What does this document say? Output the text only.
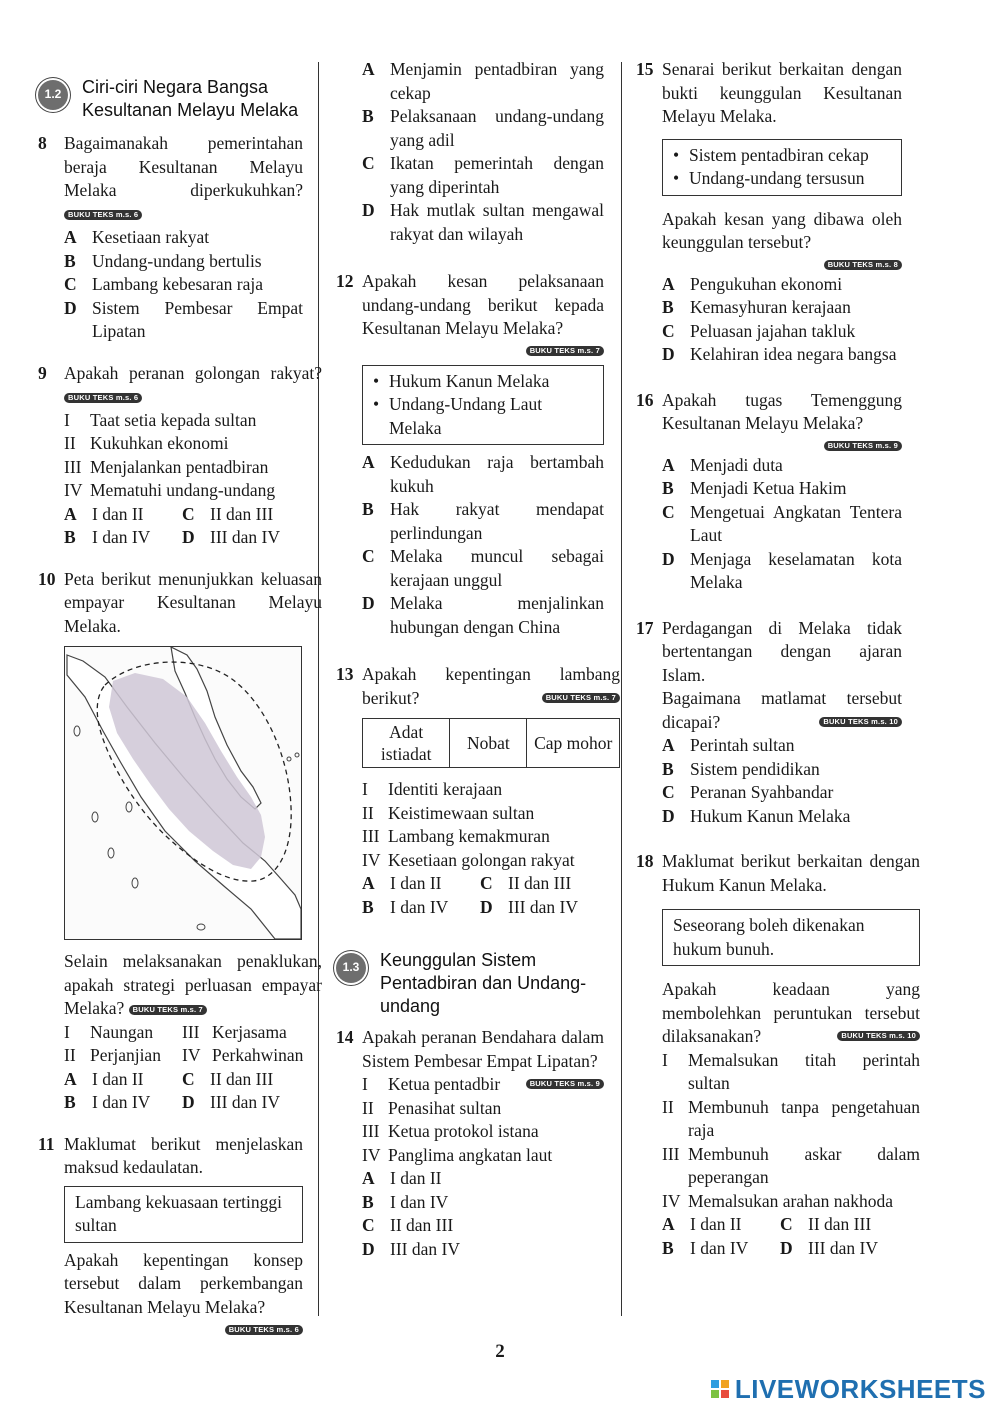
1.2	Ciri-ciri Negara Bangsa Kesultanan Melayu Melaka
8 Bagaimanakah pemerintahan beraja Kesultanan Melayu Melaka diperkukuhkan? BUKU TEKS m.s. 6
A Kesetiaan rakyat
B Undang-undang bertulis
C Lambang kebesaran raja
D Sistem Pembesar Empat Lipatan
9 Apakah peranan golongan rakyat? BUKU TEKS m.s. 6
I	Taat setia kepada sultan
II Kukuhkan ekonomi
III Menjalankan pentadbiran
IV Mematuhi undang-undang
A I dan II C II dan III
B I dan IV D III dan IV
10 Peta berikut menunjukkan keluasan empayar Kesultanan Melayu Melaka.
Selain melaksanakan penaklukan, apakah strategi perluasan empayar Melaka? BUKU TEKS m.s. 7
I	Naungan III Kerjasama
II Perjanjian IV Perkahwinan
A I dan II C II dan III
B I dan IV D III dan IV
11 Maklumat berikut menjelaskan maksud kedaulatan.
Lambang kekuasaan tertinggi sultan
Apakah kepentingan konsep tersebut dalam perkembangan Kesultanan Melayu Melaka?
BUKU TEKS m.s. 6
A Menjamin pentadbiran yang cekap
B Pelaksanaan undang-undang yang adil
C Ikatan pemerintah dengan yang diperintah
D Hak mutlak sultan mengawal rakyat dan wilayah
12 Apakah kesan pelaksanaan undang-undang berikut kepada Kesultanan Melayu Melaka?
BUKU TEKS m.s. 7
• Hukum Kanun Melaka
• Undang-Undang Laut Melaka
A Kedudukan raja bertambah kukuh
B Hak rakyat mendapat perlindungan
C Melaka muncul sebagai kerajaan unggul
D Melaka menjalinkan hubungan dengan China
13 Apakah kepentingan lambang berikut?	BUKU TEKS m.s. 7
Adat istiadat	Nobat	Cap mohor
I	Identiti kerajaan
II Keistimewaan sultan
III Lambang kemakmuran
IV Kesetiaan golongan rakyat
A I dan II C II dan III
B I dan IV D III dan IV
1.3	Keunggulan Sistem Pentadbiran dan Undang-undang
14 Apakah peranan Bendahara dalam Sistem Pembesar Empat Lipatan?
BUKU TEKS m.s. 9
I	Ketua pentadbir
II Penasihat sultan
III Ketua protokol istana
IV Panglima angkatan laut
A I dan II
B I dan IV
C II dan III
D III dan IV
15 Senarai berikut berkaitan dengan bukti keunggulan Kesultanan Melayu Melaka.
• Sistem pentadbiran cekap
• Undang-undang tersusun
Apakah kesan yang dibawa oleh keunggulan tersebut?
BUKU TEKS m.s. 8
A Pengukuhan ekonomi
B Kemasyhuran kerajaan
C Peluasan jajahan takluk
D Kelahiran idea negara bangsa
16 Apakah tugas Temenggung Kesultanan Melayu Melaka?
BUKU TEKS m.s. 9
A Menjadi duta
B Menjadi Ketua Hakim
C Mengetuai Angkatan Tentera Laut
D Menjaga keselamatan kota Melaka
17 Perdagangan di Melaka tidak bertentangan dengan ajaran Islam.
Bagaimana matlamat tersebut dicapai?	BUKU TEKS m.s. 10
A Perintah sultan
B Sistem pendidikan
C Peranan Syahbandar
D Hukum Kanun Melaka
18 Maklumat berikut berkaitan dengan Hukum Kanun Melaka.
Seseorang boleh dikenakan hukum bunuh.
Apakah keadaan yang membolehkan peruntukan tersebut dilaksanakan?	BUKU TEKS m.s. 10
I	Memalsukan titah perintah sultan
II Membunuh tanpa pengetahuan raja
III Membunuh askar dalam peperangan
IV Memalsukan arahan nakhoda
A I dan II C II dan III
B I dan IV D III dan IV
2
LIVEWORKSHEETS
